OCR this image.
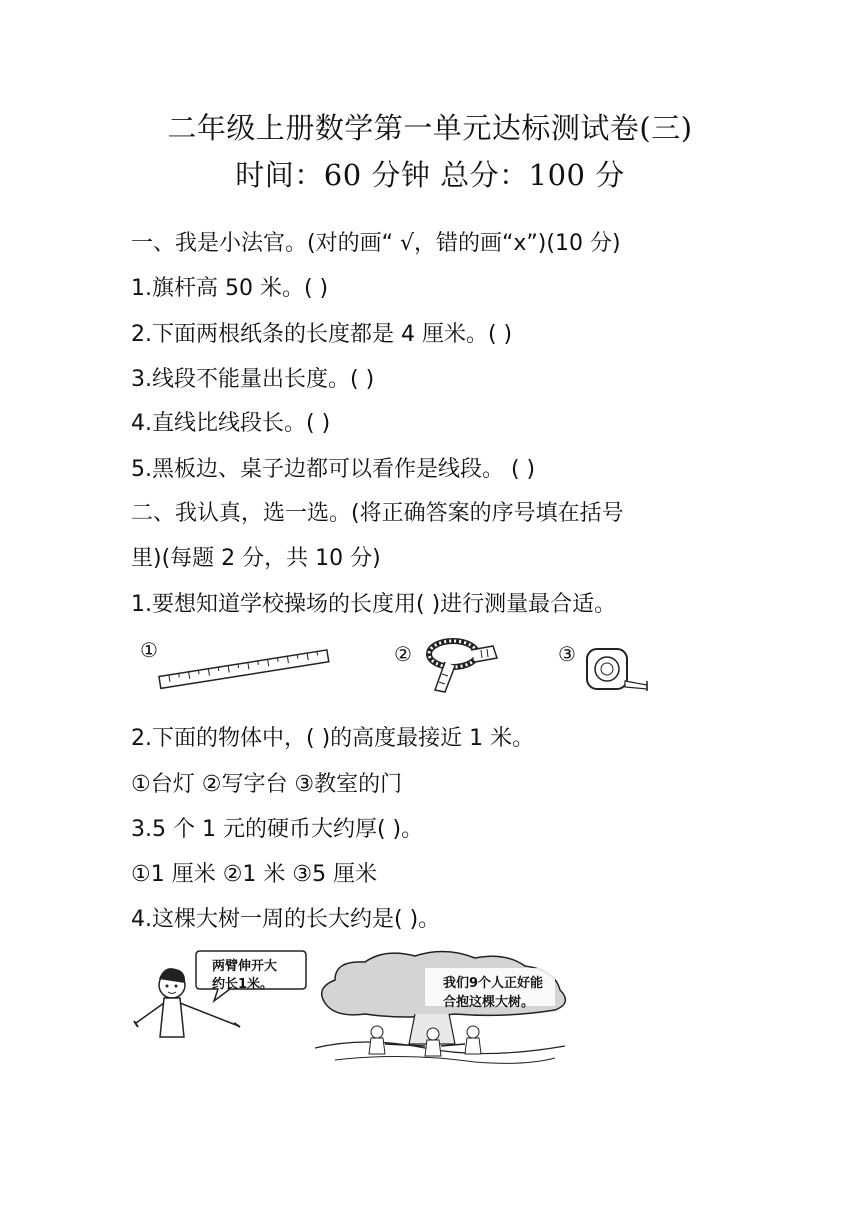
二年级上册数学第一单元达标测试卷(三)
时间：60 分钟 总分：100 分
一、我是小法官。(对的画“ √，错的画“x”)(10 分)
1.旗杆高 50 米。( )
2.下面两根纸条的长度都是 4 厘米。( )
3.线段不能量出长度。( )
4.直线比线段长。( )
5.黑板边、桌子边都可以看作是线段。 ( )
二、我认真，选一选。(将正确答案的序号填在括号
里)(每题 2 分，共 10 分)
1.要想知道学校操场的长度用( )进行测量最合适。
①	②	③
2.下面的物体中，( )的高度最接近 1 米。
①台灯 ②写字台 ③教室的门
3.5 个 1 元的硬币大约厚( )。
①1 厘米 ②1 米 ③5 厘米
4.这棵大树一周的长大约是( )。
两臂伸开大
约长1米。	我们9个人正好能
合抱这棵大树。
